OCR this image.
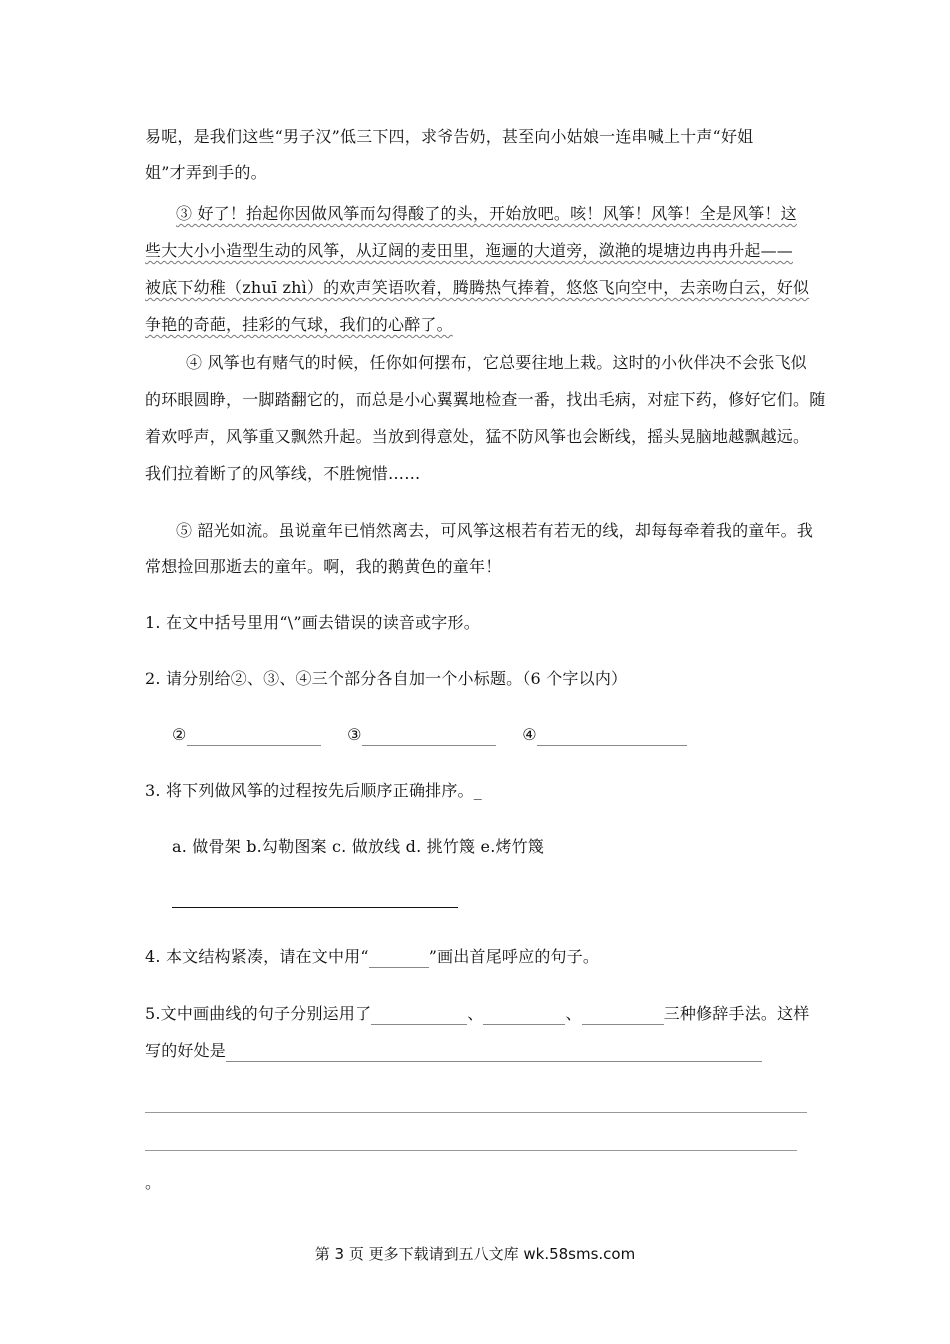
易呢，是我们这些“男子汉”低三下四，求爷告奶，甚至向小姑娘一连串喊上十声“好姐
姐”才弄到手的。
③ 好了！抬起你因做风筝而勾得酸了的头，开始放吧。咳！风筝！风筝！全是风筝！这
些大大小小造型生动的风筝，从辽阔的麦田里，迤逦的大道旁，潋滟的堤塘边冉冉升起——
被底下幼稚（zhuī zhì）的欢声笑语吹着，腾腾热气捧着，悠悠飞向空中，去亲吻白云，好似
争艳的奇葩，挂彩的气球，我们的心醉了。
④ 风筝也有赌气的时候，任你如何摆布，它总要往地上栽。这时的小伙伴决不会张飞似
的环眼圆睁，一脚踏翻它的，而总是小心翼翼地检查一番，找出毛病，对症下药，修好它们。随
着欢呼声，风筝重又飘然升起。当放到得意处，猛不防风筝也会断线，摇头晃脑地越飘越远。
我们拉着断了的风筝线，不胜惋惜……
⑤ 韶光如流。虽说童年已悄然离去，可风筝这根若有若无的线，却每每牵着我的童年。我
常想捡回那逝去的童年。啊，我的鹅黄色的童年！
1. 在文中括号里用“\”画去错误的读音或字形。
2. 请分别给②、③、④三个部分各自加一个小标题。（6 个字以内）
②	③	④
3. 将下列做风筝的过程按先后顺序正确排序。_
a. 做骨架 b.勾勒图案 c. 做放线 d. 挑竹篾 e.烤竹篾
4. 本文结构紧凑，请在文中用“	”画出首尾呼应的句子。
5.文中画曲线的句子分别运用了	、	、	三种修辞手法。这样
写的好处是
。
第 3 页 更多下载请到五八文库 wk.58sms.com
